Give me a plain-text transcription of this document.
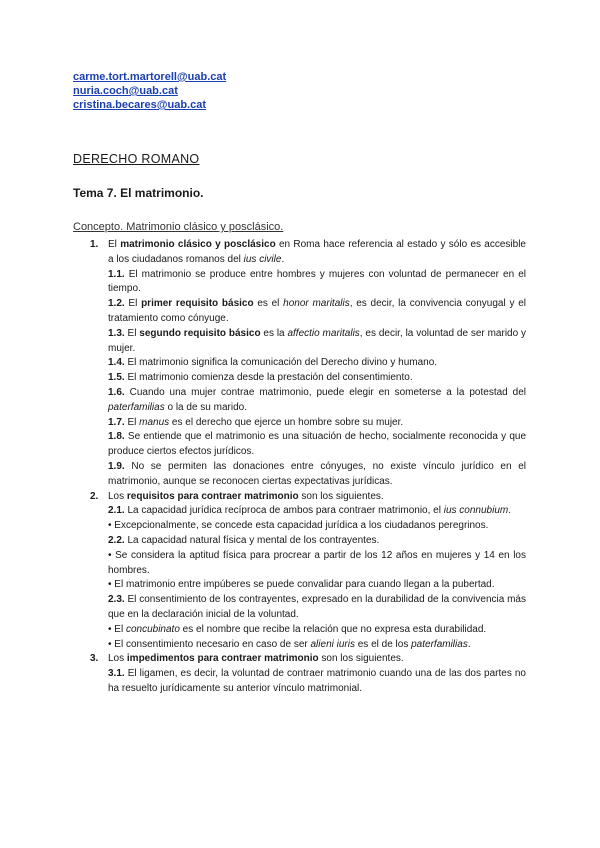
carme.tort.martorell@uab.cat
nuria.coch@uab.cat
cristina.becares@uab.cat
DERECHO ROMANO
Tema 7. El matrimonio.
Concepto. Matrimonio clásico y posclásico.
1. El matrimonio clásico y posclásico en Roma hace referencia al estado y sólo es accesible a los ciudadanos romanos del ius civile.
1.1. El matrimonio se produce entre hombres y mujeres con voluntad de permanecer en el tiempo.
1.2. El primer requisito básico es el honor maritalis, es decir, la convivencia conyugal y el tratamiento como cónyuge.
1.3. El segundo requisito básico es la affectio maritalis, es decir, la voluntad de ser marido y mujer.
1.4. El matrimonio significa la comunicación del Derecho divino y humano.
1.5. El matrimonio comienza desde la prestación del consentimiento.
1.6. Cuando una mujer contrae matrimonio, puede elegir en someterse a la potestad del paterfamilias o la de su marido.
1.7. El manus es el derecho que ejerce un hombre sobre su mujer.
1.8. Se entiende que el matrimonio es una situación de hecho, socialmente reconocida y que produce ciertos efectos jurídicos.
1.9. No se permiten las donaciones entre cónyuges, no existe vínculo jurídico en el matrimonio, aunque se reconocen ciertas expectativas jurídicas.
2. Los requisitos para contraer matrimonio son los siguientes.
2.1. La capacidad jurídica recíproca de ambos para contraer matrimonio, el ius connubium.
• Excepcionalmente, se concede esta capacidad jurídica a los ciudadanos peregrinos.
2.2. La capacidad natural física y mental de los contrayentes.
• Se considera la aptitud física para procrear a partir de los 12 años en mujeres y 14 en los hombres.
• El matrimonio entre impúberes se puede convalidar para cuando llegan a la pubertad.
2.3. El consentimiento de los contrayentes, expresado en la durabilidad de la convivencia más que en la declaración inicial de la voluntad.
• El concubinato es el nombre que recibe la relación que no expresa esta durabilidad.
• El consentimiento necesario en caso de ser alieni iuris es el de los paterfamilias.
3. Los impedimentos para contraer matrimonio son los siguientes.
3.1. El ligamen, es decir, la voluntad de contraer matrimonio cuando una de las dos partes no ha resuelto jurídicamente su anterior vínculo matrimonial.
